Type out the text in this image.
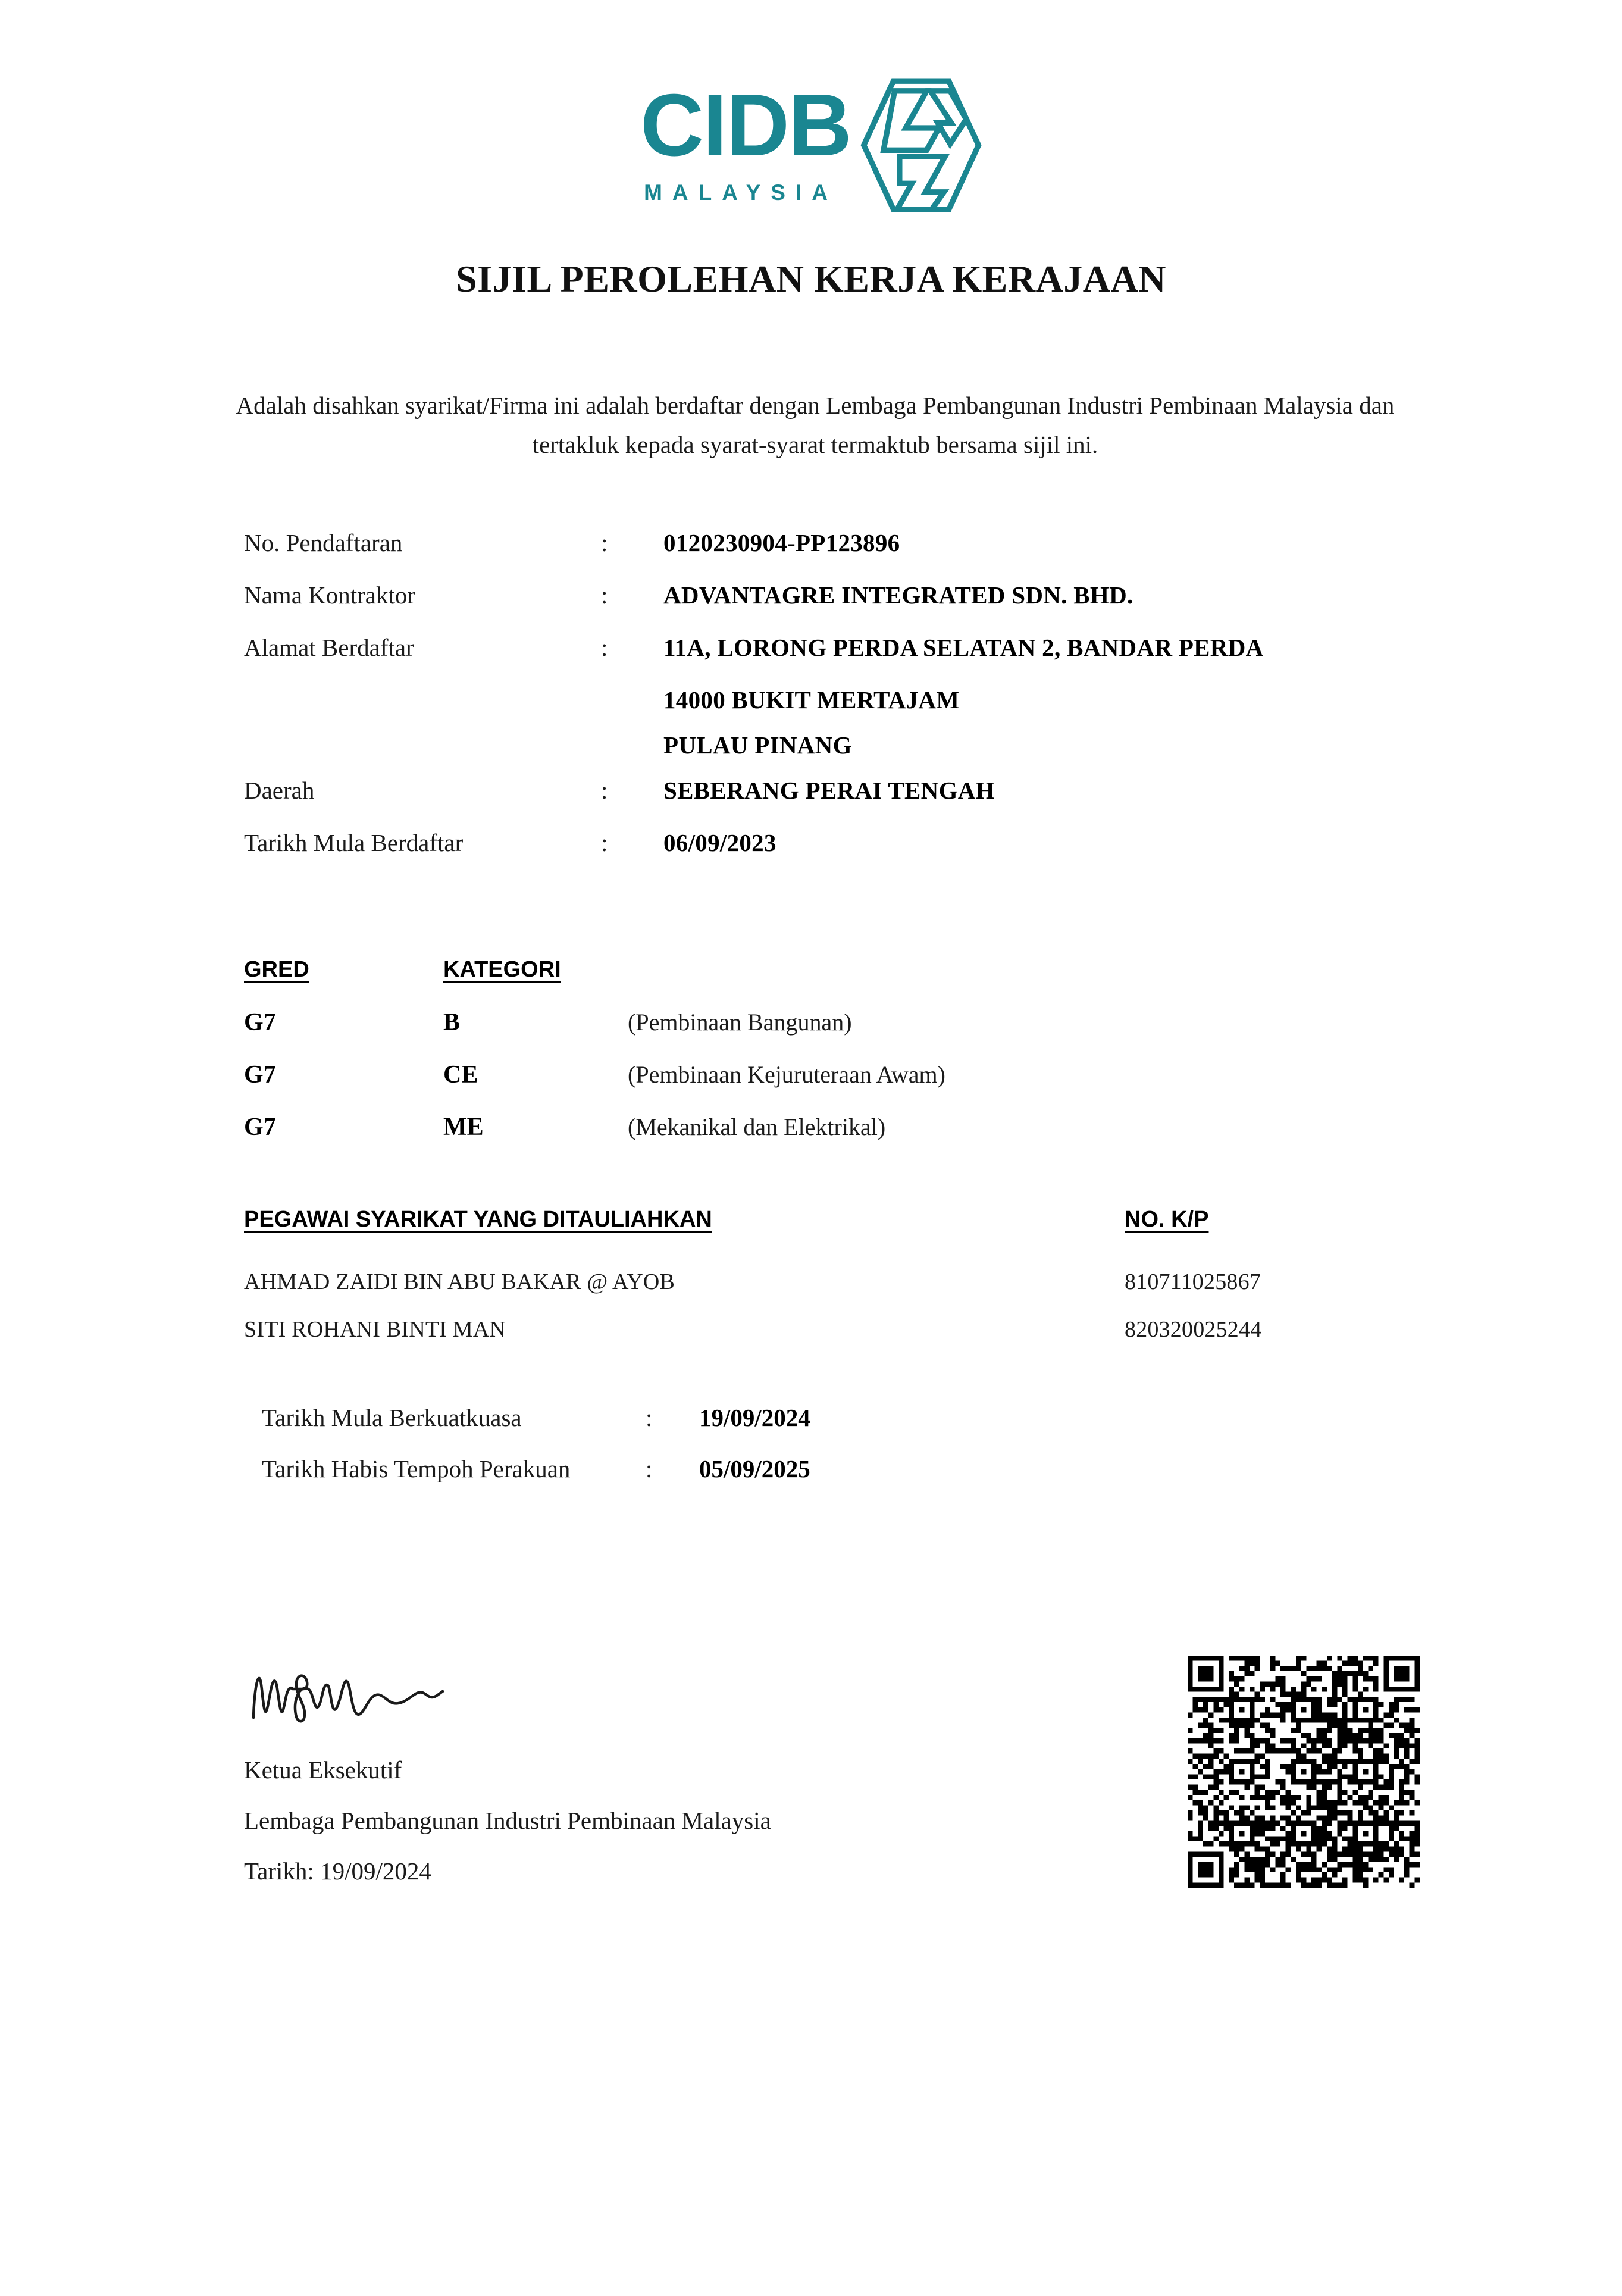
CIDB
MALAYSIA
SIJIL PEROLEHAN KERJA KERAJAAN
Adalah disahkan syarikat/Firma ini adalah berdaftar dengan Lembaga Pembangunan Industri Pembinaan Malaysia dan tertakluk kepada syarat-syarat termaktub bersama sijil ini.
No. Pendaftaran	:	0120230904-PP123896
Nama Kontraktor	:	ADVANTAGRE INTEGRATED SDN. BHD.
Alamat Berdaftar	:	11A, LORONG PERDA SELATAN 2, BANDAR PERDA
14000 BUKIT MERTAJAM
PULAU PINANG
Daerah	:	SEBERANG PERAI TENGAH
Tarikh Mula Berdaftar	:	06/09/2023
GRED	KATEGORI
G7	B	(Pembinaan Bangunan)
G7	CE	(Pembinaan Kejuruteraan Awam)
G7	ME	(Mekanikal dan Elektrikal)
PEGAWAI SYARIKAT YANG DITAULIAHKAN	NO. K/P
AHMAD ZAIDI BIN ABU BAKAR @ AYOB	810711025867
SITI ROHANI BINTI MAN	820320025244
Tarikh Mula Berkuatkuasa	:	19/09/2024
Tarikh Habis Tempoh Perakuan	:	05/09/2025
Ketua Eksekutif
Lembaga Pembangunan Industri Pembinaan Malaysia
Tarikh: 19/09/2024
